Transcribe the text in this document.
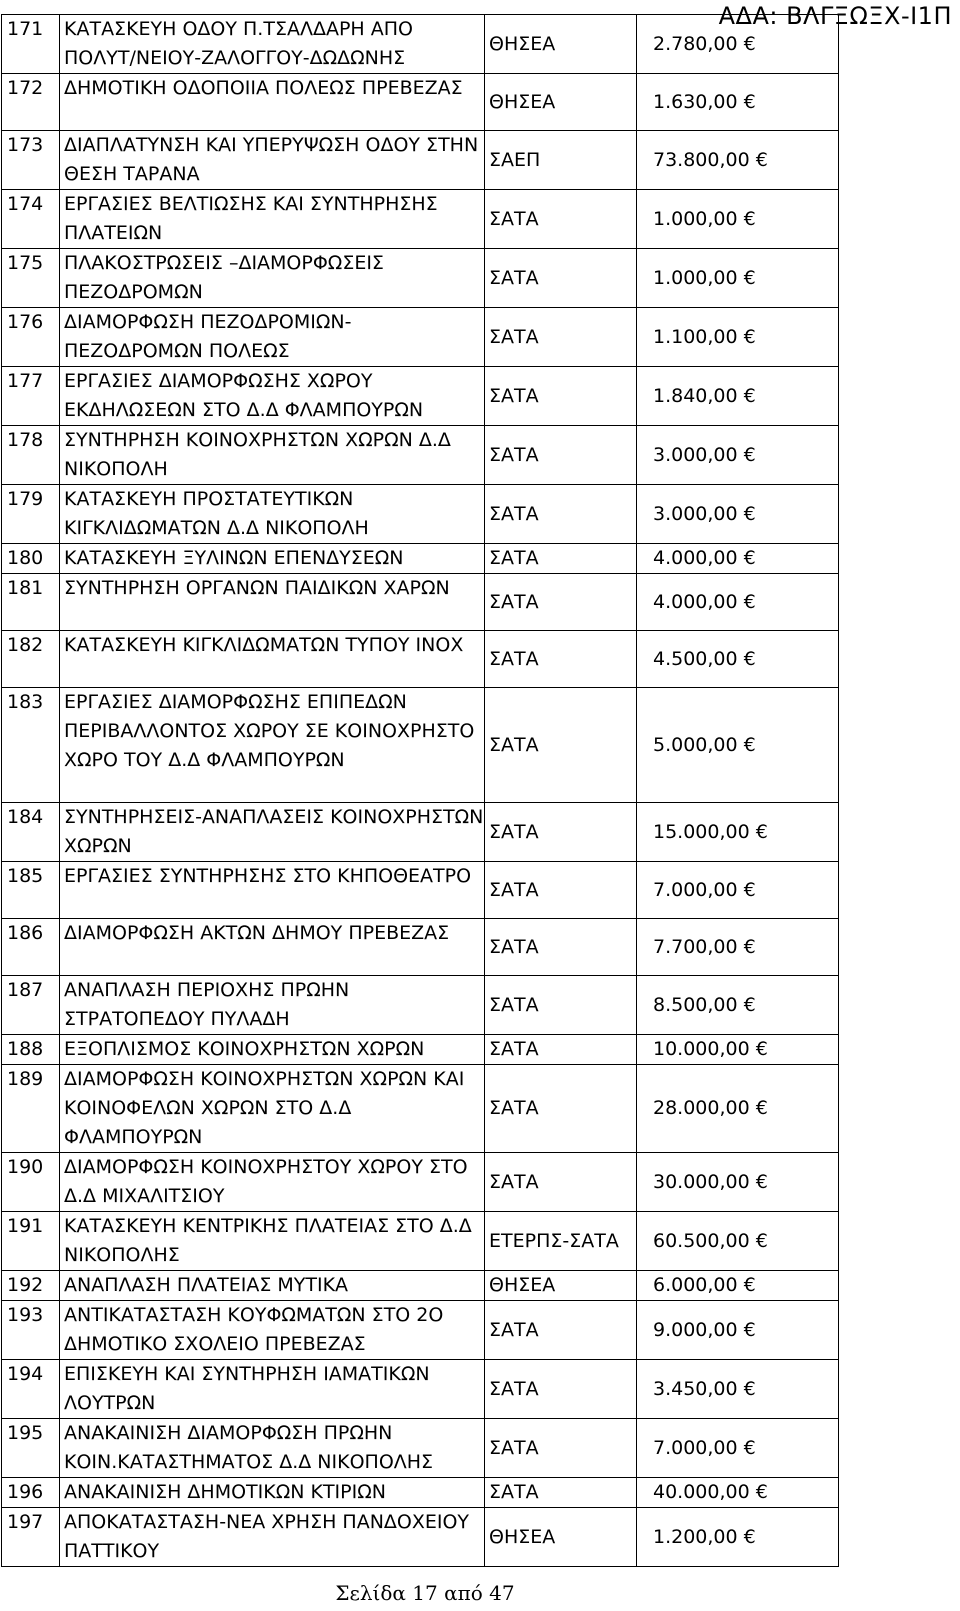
ΑΔΑ: ΒΛΓΞΩΞΧ-Ι1Π
171	ΚΑΤΑΣΚΕΥΗ ΟΔΟΥ Π.ΤΣΑΛΔΑΡΗ ΑΠΟ ΠΟΛΥΤ/ΝΕΙΟΥ-ΖΑΛΟΓΓΟΥ-ΔΩΔΩΝΗΣ	ΘΗΣΕΑ	2.780,00 €
172	ΔΗΜΟΤΙΚΗ ΟΔΟΠΟΙΙΑ ΠΟΛΕΩΣ ΠΡΕΒΕΖΑΣ	ΘΗΣΕΑ	1.630,00 €
173	ΔΙΑΠΛΑΤΥΝΣΗ ΚΑΙ ΥΠΕΡΥΨΩΣΗ ΟΔΟΥ ΣΤΗΝ ΘΕΣΗ ΤΑΡΑΝΑ	ΣΑΕΠ	73.800,00 €
174	ΕΡΓΑΣΙΕΣ ΒΕΛΤΙΩΣΗΣ ΚΑΙ ΣΥΝΤΗΡΗΣΗΣ ΠΛΑΤΕΙΩΝ	ΣΑΤΑ	1.000,00 €
175	ΠΛΑΚΟΣΤΡΩΣΕΙΣ –ΔΙΑΜΟΡΦΩΣΕΙΣ ΠΕΖΟΔΡΟΜΩΝ	ΣΑΤΑ	1.000,00 €
176	ΔΙΑΜΟΡΦΩΣΗ ΠΕΖΟΔΡΟΜΙΩΝ-ΠΕΖΟΔΡΟΜΩΝ ΠΟΛΕΩΣ	ΣΑΤΑ	1.100,00 €
177	ΕΡΓΑΣΙΕΣ ΔΙΑΜΟΡΦΩΣΗΣ ΧΩΡΟΥ ΕΚΔΗΛΩΣΕΩΝ ΣΤΟ Δ.Δ ΦΛΑΜΠΟΥΡΩΝ	ΣΑΤΑ	1.840,00 €
178	ΣΥΝΤΗΡΗΣΗ ΚΟΙΝΟΧΡΗΣΤΩΝ ΧΩΡΩΝ Δ.Δ ΝΙΚΟΠΟΛΗ	ΣΑΤΑ	3.000,00 €
179	ΚΑΤΑΣΚΕΥΗ ΠΡΟΣΤΑΤΕΥΤΙΚΩΝ ΚΙΓΚΛΙΔΩΜΑΤΩΝ Δ.Δ ΝΙΚΟΠΟΛΗ	ΣΑΤΑ	3.000,00 €
180	ΚΑΤΑΣΚΕΥΗ ΞΥΛΙΝΩΝ ΕΠΕΝΔΥΣΕΩΝ	ΣΑΤΑ	4.000,00 €
181	ΣΥΝΤΗΡΗΣΗ ΟΡΓΑΝΩΝ ΠΑΙΔΙΚΩΝ ΧΑΡΩΝ	ΣΑΤΑ	4.000,00 €
182	ΚΑΤΑΣΚΕΥΗ ΚΙΓΚΛΙΔΩΜΑΤΩΝ ΤΥΠΟΥ ΙΝΟΧ	ΣΑΤΑ	4.500,00 €
183	ΕΡΓΑΣΙΕΣ ΔΙΑΜΟΡΦΩΣΗΣ ΕΠΙΠΕΔΩΝ ΠΕΡΙΒΑΛΛΟΝΤΟΣ ΧΩΡΟΥ ΣΕ ΚΟΙΝΟΧΡΗΣΤΟ ΧΩΡΟ ΤΟΥ Δ.Δ ΦΛΑΜΠΟΥΡΩΝ	ΣΑΤΑ	5.000,00 €
184	ΣΥΝΤΗΡΗΣΕΙΣ-ΑΝΑΠΛΑΣΕΙΣ ΚΟΙΝΟΧΡΗΣΤΩΝ ΧΩΡΩΝ	ΣΑΤΑ	15.000,00 €
185	ΕΡΓΑΣΙΕΣ ΣΥΝΤΗΡΗΣΗΣ ΣΤΟ ΚΗΠΟΘΕΑΤΡΟ	ΣΑΤΑ	7.000,00 €
186	ΔΙΑΜΟΡΦΩΣΗ ΑΚΤΩΝ ΔΗΜΟΥ ΠΡΕΒΕΖΑΣ	ΣΑΤΑ	7.700,00 €
187	ΑΝΑΠΛΑΣΗ ΠΕΡΙΟΧΗΣ ΠΡΩΗΝ ΣΤΡΑΤΟΠΕΔΟΥ ΠΥΛΑΔΗ	ΣΑΤΑ	8.500,00 €
188	ΕΞΟΠΛΙΣΜΟΣ ΚΟΙΝΟΧΡΗΣΤΩΝ ΧΩΡΩΝ	ΣΑΤΑ	10.000,00 €
189	ΔΙΑΜΟΡΦΩΣΗ ΚΟΙΝΟΧΡΗΣΤΩΝ ΧΩΡΩΝ ΚΑΙ ΚΟΙΝΟΦΕΛΩΝ ΧΩΡΩΝ ΣΤΟ Δ.Δ ΦΛΑΜΠΟΥΡΩΝ	ΣΑΤΑ	28.000,00 €
190	ΔΙΑΜΟΡΦΩΣΗ ΚΟΙΝΟΧΡΗΣΤΟΥ ΧΩΡΟΥ ΣΤΟ Δ.Δ ΜΙΧΑΛΙΤΣΙΟΥ	ΣΑΤΑ	30.000,00 €
191	ΚΑΤΑΣΚΕΥΗ ΚΕΝΤΡΙΚΗΣ ΠΛΑΤΕΙΑΣ ΣΤΟ Δ.Δ ΝΙΚΟΠΟΛΗΣ	ΕΤΕΡΠΣ-ΣΑΤΑ	60.500,00 €
192	ΑΝΑΠΛΑΣΗ ΠΛΑΤΕΙΑΣ ΜΥΤΙΚΑ	ΘΗΣΕΑ	6.000,00 €
193	ΑΝΤΙΚΑΤΑΣΤΑΣΗ ΚΟΥΦΩΜΑΤΩΝ ΣΤΟ 2Ο ΔΗΜΟΤΙΚΟ ΣΧΟΛΕΙΟ ΠΡΕΒΕΖΑΣ	ΣΑΤΑ	9.000,00 €
194	ΕΠΙΣΚΕΥΗ ΚΑΙ ΣΥΝΤΗΡΗΣΗ ΙΑΜΑΤΙΚΩΝ ΛΟΥΤΡΩΝ	ΣΑΤΑ	3.450,00 €
195	ΑΝΑΚΑΙΝΙΣΗ ΔΙΑΜΟΡΦΩΣΗ ΠΡΩΗΝ ΚΟΙΝ.ΚΑΤΑΣΤΗΜΑΤΟΣ Δ.Δ ΝΙΚΟΠΟΛΗΣ	ΣΑΤΑ	7.000,00 €
196	ΑΝΑΚΑΙΝΙΣΗ ΔΗΜΟΤΙΚΩΝ ΚΤΙΡΙΩΝ	ΣΑΤΑ	40.000,00 €
197	ΑΠΟΚΑΤΑΣΤΑΣΗ-ΝΕΑ ΧΡΗΣΗ ΠΑΝΔΟΧΕΙΟΥ ΠΑΤΤΙΚΟΥ	ΘΗΣΕΑ	1.200,00 €
Σελίδα 17 από 47
